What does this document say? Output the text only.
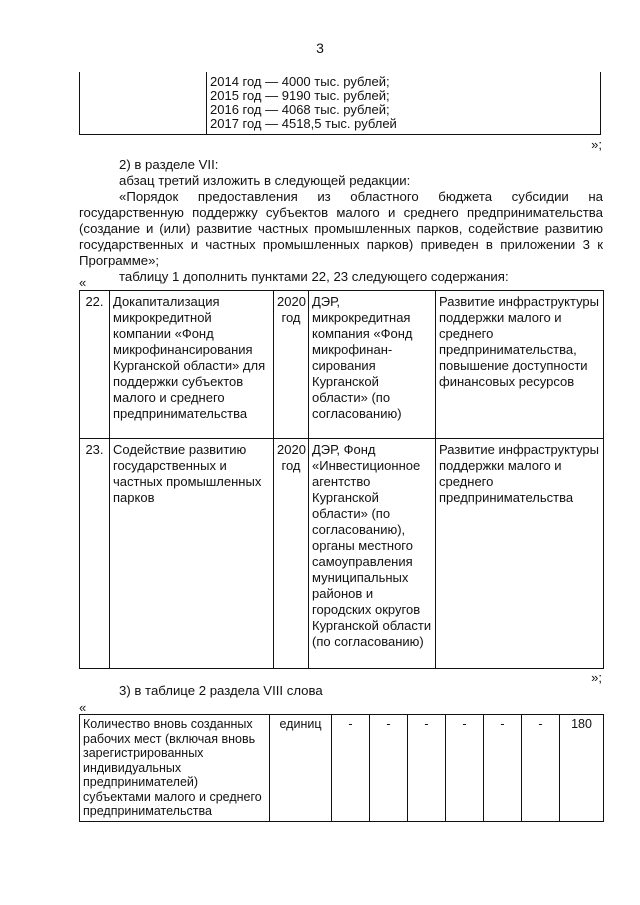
3
2014 год — 4000 тыс. рублей;
2015 год — 9190 тыс. рублей;
2016 год — 4068 тыс. рублей;
2017 год — 4518,5 тыс. рублей
»;
2) в разделе VII:
абзац третий изложить в следующей редакции:
«Порядок предоставления из областного бюджета субсидии на государственную поддержку субъектов малого и среднего предпринимательства (создание и (или) развитие частных промышленных парков, содействие развитию государственных и частных промышленных парков) приведен в приложении 3 к Программе»;
таблицу 1 дополнить пунктами 22, 23 следующего содержания:
«
22.	Докапитализация микрокредитной компании «Фонд микрофинансирования Курганской области» для поддержки субъектов малого и среднего предпринимательства	2020 год	ДЭР, микрокредитная компания «Фонд микрофинан-сирования Курганской области» (по согласованию)	Развитие инфраструктуры поддержки малого и среднего предпринимательства, повышение доступности финансовых ресурсов
23.	Содействие развитию государственных и частных промышленных парков	2020 год	ДЭР, Фонд «Инвестиционное агентство Курганской области» (по согласованию), органы местного самоуправления муниципальных районов и городских округов Курганской области (по согласованию)	Развитие инфраструктуры поддержки малого и среднего предпринимательства
»;
3) в таблице 2 раздела VIII слова
«
Количество вновь созданных рабочих мест (включая вновь зарегистрированных индивидуальных предпринимателей) субъектами малого и среднего предпринимательства	единиц	-	-	-	-	-	-	180
